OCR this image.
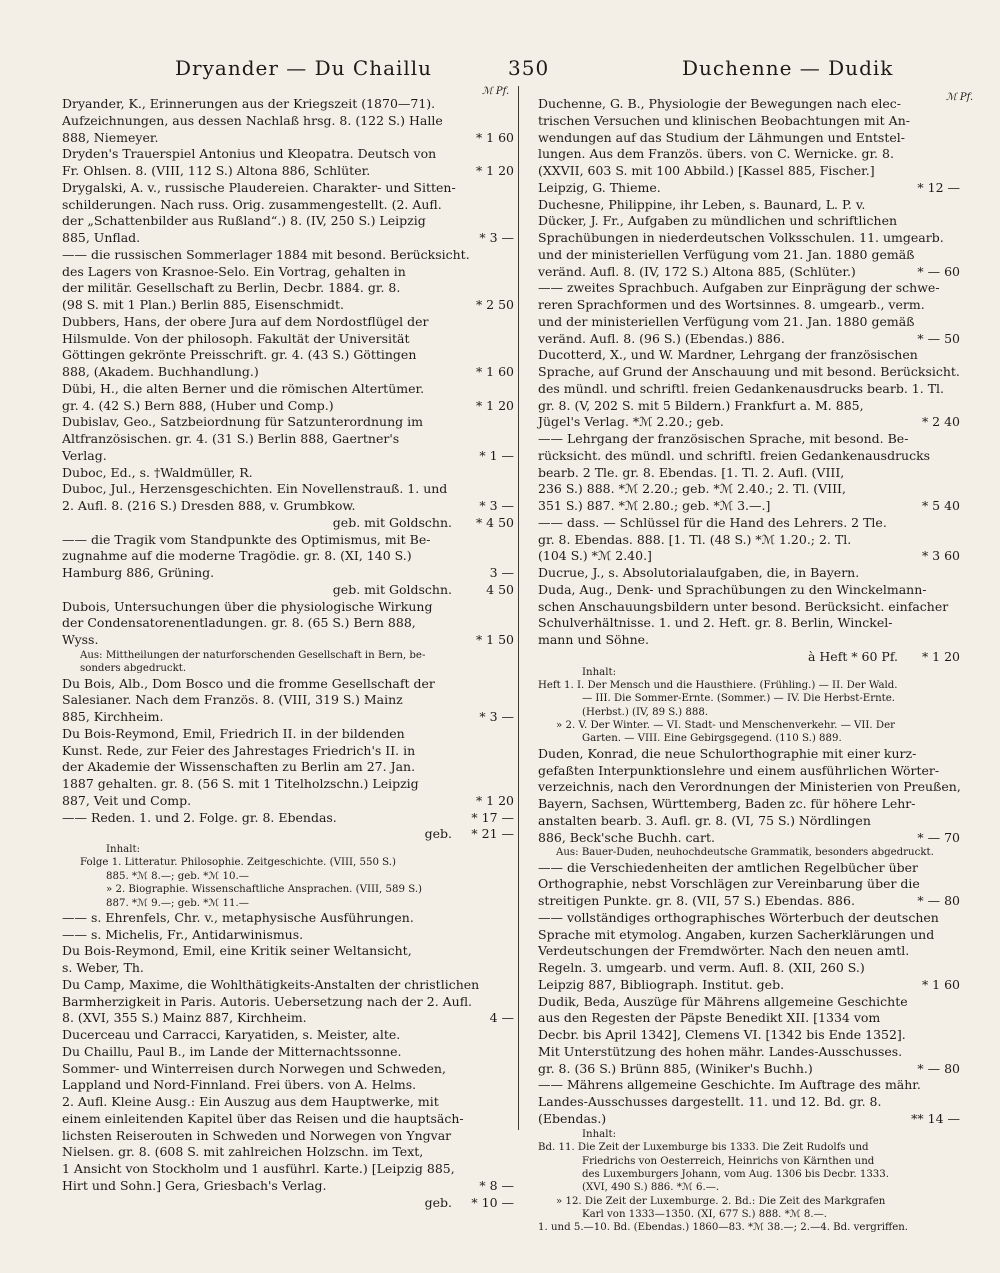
Dryander — Du Chaillu	350	Duchenne — Dudik
ℳ Pf.
ℳ Pf.
Dryander, K., Erinnerungen aus der Kriegszeit (1870—71).
Aufzeichnungen, aus dessen Nachlaß hrsg. 8. (122 S.) Halle
888, Niemeyer.	* 1 60
Dryden's Trauerspiel Antonius und Kleopatra. Deutsch von
Fr. Ohlsen. 8. (VIII, 112 S.) Altona 886, Schlüter.	* 1 20
Drygalski, A. v., russische Plaudereien. Charakter- und Sitten-
schilderungen. Nach russ. Orig. zusammengestellt. (2. Aufl.
der „Schattenbilder aus Rußland“.) 8. (IV, 250 S.) Leipzig
885, Unflad.	* 3 —
—— die russischen Sommerlager 1884 mit besond. Berücksicht.
des Lagers von Krasnoe-Selo. Ein Vortrag, gehalten in
der militär. Gesellschaft zu Berlin, Decbr. 1884. gr. 8.
(98 S. mit 1 Plan.) Berlin 885, Eisenschmidt.	* 2 50
Dubbers, Hans, der obere Jura auf dem Nordostflügel der
Hilsmulde. Von der philosoph. Fakultät der Universität
Göttingen gekrönte Preisschrift. gr. 4. (43 S.) Göttingen
888, (Akadem. Buchhandlung.)	* 1 60
Dübi, H., die alten Berner und die römischen Altertümer.
gr. 4. (42 S.) Bern 888, (Huber und Comp.)	* 1 20
Dubislav, Geo., Satzbeiordnung für Satzunterordnung im
Altfranzösischen. gr. 4. (31 S.) Berlin 888, Gaertner's
Verlag.	* 1 —
Duboc, Ed., s. †Waldmüller, R.
Duboc, Jul., Herzensgeschichten. Ein Novellenstrauß. 1. und
2. Aufl. 8. (216 S.) Dresden 888, v. Grumbkow.	* 3 —
geb. mit Goldschn.	* 4 50
—— die Tragik vom Standpunkte des Optimismus, mit Be-
zugnahme auf die moderne Tragödie. gr. 8. (XI, 140 S.)
Hamburg 886, Grüning.	3 —
geb. mit Goldschn.	4 50
Dubois, Untersuchungen über die physiologische Wirkung
der Condensatorenentladungen. gr. 8. (65 S.) Bern 888,
Wyss.	* 1 50
Aus: Mittheilungen der naturforschenden Gesellschaft in Bern, be-
sonders abgedruckt.
Du Bois, Alb., Dom Bosco und die fromme Gesellschaft der
Salesianer. Nach dem Französ. 8. (VIII, 319 S.) Mainz
885, Kirchheim.	* 3 —
Du Bois-Reymond, Emil, Friedrich II. in der bildenden
Kunst. Rede, zur Feier des Jahrestages Friedrich's II. in
der Akademie der Wissenschaften zu Berlin am 27. Jan.
1887 gehalten. gr. 8. (56 S. mit 1 Titelholzschn.) Leipzig
887, Veit und Comp.	* 1 20
—— Reden. 1. und 2. Folge. gr. 8. Ebendas.	* 17 —
geb.	* 21 —
Inhalt:
Folge 1. Litteratur. Philosophie. Zeitgeschichte. (VIII, 550 S.)
885. *ℳ 8.—; geb. *ℳ 10.—
» 2. Biographie. Wissenschaftliche Ansprachen. (VIII, 589 S.)
887. *ℳ 9.—; geb. *ℳ 11.—
—— s. Ehrenfels, Chr. v., metaphysische Ausführungen.
—— s. Michelis, Fr., Antidarwinismus.
Du Bois-Reymond, Emil, eine Kritik seiner Weltansicht,
s. Weber, Th.
Du Camp, Maxime, die Wohlthätigkeits-Anstalten der christlichen
Barmherzigkeit in Paris. Autoris. Uebersetzung nach der 2. Aufl.
8. (XVI, 355 S.) Mainz 887, Kirchheim.	4 —
Ducerceau und Carracci, Karyatiden, s. Meister, alte.
Du Chaillu, Paul B., im Lande der Mitternachtssonne.
Sommer- und Winterreisen durch Norwegen und Schweden,
Lappland und Nord-Finnland. Frei übers. von A. Helms.
2. Aufl. Kleine Ausg.: Ein Auszug aus dem Hauptwerke, mit
einem einleitenden Kapitel über das Reisen und die hauptsäch-
lichsten Reiserouten in Schweden und Norwegen von Yngvar
Nielsen. gr. 8. (608 S. mit zahlreichen Holzschn. im Text,
1 Ansicht von Stockholm und 1 ausführl. Karte.) [Leipzig 885,
Hirt und Sohn.] Gera, Griesbach's Verlag.	* 8 —
geb.	* 10 —
Duchenne, G. B., Physiologie der Bewegungen nach elec-
trischen Versuchen und klinischen Beobachtungen mit An-
wendungen auf das Studium der Lähmungen und Entstel-
lungen. Aus dem Französ. übers. von C. Wernicke. gr. 8.
(XXVII, 603 S. mit 100 Abbild.) [Kassel 885, Fischer.]
Leipzig, G. Thieme.	* 12 —
Duchesne, Philippine, ihr Leben, s. Baunard, L. P. v.
Dücker, J. Fr., Aufgaben zu mündlichen und schriftlichen
Sprachübungen in niederdeutschen Volksschulen. 11. umgearb.
und der ministeriellen Verfügung vom 21. Jan. 1880 gemäß
veränd. Aufl. 8. (IV, 172 S.) Altona 885, (Schlüter.)	* — 60
—— zweites Sprachbuch. Aufgaben zur Einprägung der schwe-
reren Sprachformen und des Wortsinnes. 8. umgearb., verm.
und der ministeriellen Verfügung vom 21. Jan. 1880 gemäß
veränd. Aufl. 8. (96 S.) (Ebendas.) 886.	* — 50
Ducotterd, X., und W. Mardner, Lehrgang der französischen
Sprache, auf Grund der Anschauung und mit besond. Berücksicht.
des mündl. und schriftl. freien Gedankenausdrucks bearb. 1. Tl.
gr. 8. (V, 202 S. mit 5 Bildern.) Frankfurt a. M. 885,
Jügel's Verlag. *ℳ 2.20.; geb.	* 2 40
—— Lehrgang der französischen Sprache, mit besond. Be-
rücksicht. des mündl. und schriftl. freien Gedankenausdrucks
bearb. 2 Tle. gr. 8. Ebendas. [1. Tl. 2. Aufl. (VIII,
236 S.) 888. *ℳ 2.20.; geb. *ℳ 2.40.; 2. Tl. (VIII,
351 S.) 887. *ℳ 2.80.; geb. *ℳ 3.—.]	* 5 40
—— dass. — Schlüssel für die Hand des Lehrers. 2 Tle.
gr. 8. Ebendas. 888. [1. Tl. (48 S.) *ℳ 1.20.; 2. Tl.
(104 S.) *ℳ 2.40.]	* 3 60
Ducrue, J., s. Absolutorialaufgaben, die, in Bayern.
Duda, Aug., Denk- und Sprachübungen zu den Winckelmann-
schen Anschauungsbildern unter besond. Berücksicht. einfacher
Schulverhältnisse. 1. und 2. Heft. gr. 8. Berlin, Winckel-
mann und Söhne.
à Heft * 60 Pf.	* 1 20
Inhalt:
Heft 1. I. Der Mensch und die Hausthiere. (Frühling.) — II. Der Wald.
— III. Die Sommer-Ernte. (Sommer.) — IV. Die Herbst-Ernte.
(Herbst.) (IV, 89 S.) 888.
» 2. V. Der Winter. — VI. Stadt- und Menschenverkehr. — VII. Der
Garten. — VIII. Eine Gebirgsgegend. (110 S.) 889.
Duden, Konrad, die neue Schulorthographie mit einer kurz-
gefaßten Interpunktionslehre und einem ausführlichen Wörter-
verzeichnis, nach den Verordnungen der Ministerien von Preußen,
Bayern, Sachsen, Württemberg, Baden zc. für höhere Lehr-
anstalten bearb. 3. Aufl. gr. 8. (VI, 75 S.) Nördlingen
886, Beck'sche Buchh. cart.	* — 70
Aus: Bauer-Duden, neuhochdeutsche Grammatik, besonders abgedruckt.
—— die Verschiedenheiten der amtlichen Regelbücher über
Orthographie, nebst Vorschlägen zur Vereinbarung über die
streitigen Punkte. gr. 8. (VII, 57 S.) Ebendas. 886.	* — 80
—— vollständiges orthographisches Wörterbuch der deutschen
Sprache mit etymolog. Angaben, kurzen Sacherklärungen und
Verdeutschungen der Fremdwörter. Nach den neuen amtl.
Regeln. 3. umgearb. und verm. Aufl. 8. (XII, 260 S.)
Leipzig 887, Bibliograph. Institut. geb.	* 1 60
Dudik, Beda, Auszüge für Mährens allgemeine Geschichte
aus den Regesten der Päpste Benedikt XII. [1334 vom
Decbr. bis April 1342], Clemens VI. [1342 bis Ende 1352].
Mit Unterstützung des hohen mähr. Landes-Ausschusses.
gr. 8. (36 S.) Brünn 885, (Winiker's Buchh.)	* — 80
—— Mährens allgemeine Geschichte. Im Auftrage des mähr.
Landes-Ausschusses dargestellt. 11. und 12. Bd. gr. 8.
(Ebendas.)	** 14 —
Inhalt:
Bd. 11. Die Zeit der Luxemburge bis 1333. Die Zeit Rudolfs und
Friedrichs von Oesterreich, Heinrichs von Kärnthen und
des Luxemburgers Johann, vom Aug. 1306 bis Decbr. 1333.
(XVI, 490 S.) 886. *ℳ 6.—.
» 12. Die Zeit der Luxemburge. 2. Bd.: Die Zeit des Markgrafen
Karl von 1333—1350. (XI, 677 S.) 888. *ℳ 8.—.
1. und 5.—10. Bd. (Ebendas.) 1860—83. *ℳ 38.—; 2.—4. Bd. vergriffen.
